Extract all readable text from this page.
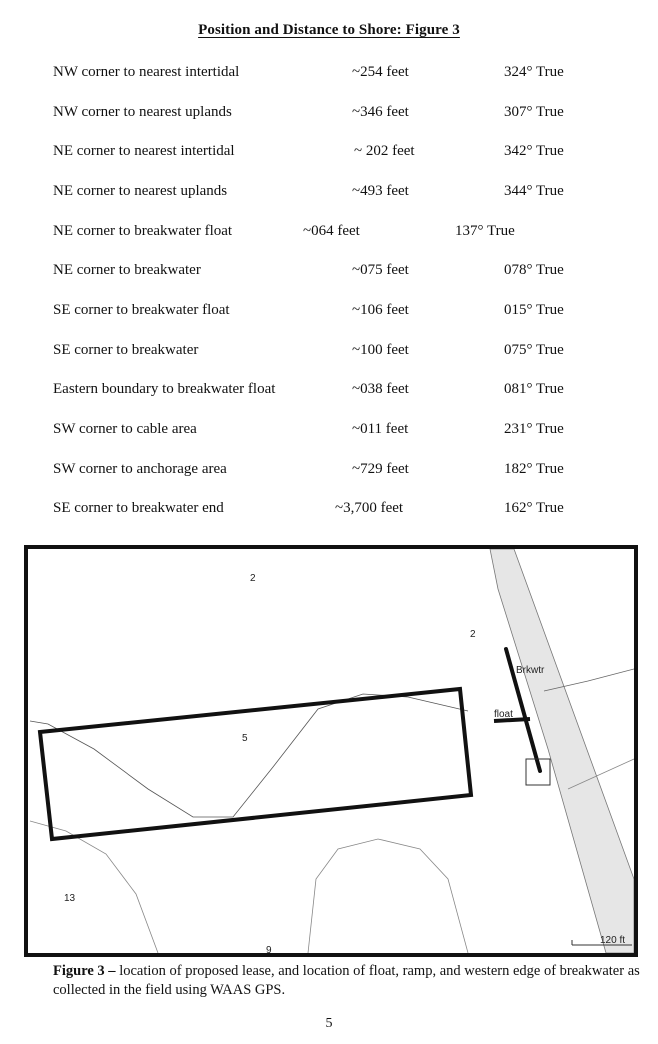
Position and Distance to Shore: Figure 3
NW corner to nearest intertidal	~254 feet	324° True
NW corner to nearest uplands	~346 feet	307° True
NE corner to nearest intertidal	~ 202 feet	342° True
NE corner to nearest uplands	~493 feet	344° True
NE corner to breakwater float	~064 feet	137° True
NE corner to breakwater	~075 feet	078° True
SE corner to breakwater float	~106 feet	015° True
SE corner to breakwater	~100 feet	075° True
Eastern boundary to breakwater float	~038 feet	081° True
SW corner to cable area	~011 feet	231° True
SW corner to anchorage area	~729 feet	182° True
SE corner to breakwater end	~3,700 feet	162° True
2
2
5
13
9
Brkwtr
float
120 ft
Figure 3 – location of proposed lease, and location of float, ramp, and western edge of breakwater as collected in the field using WAAS GPS.
5
